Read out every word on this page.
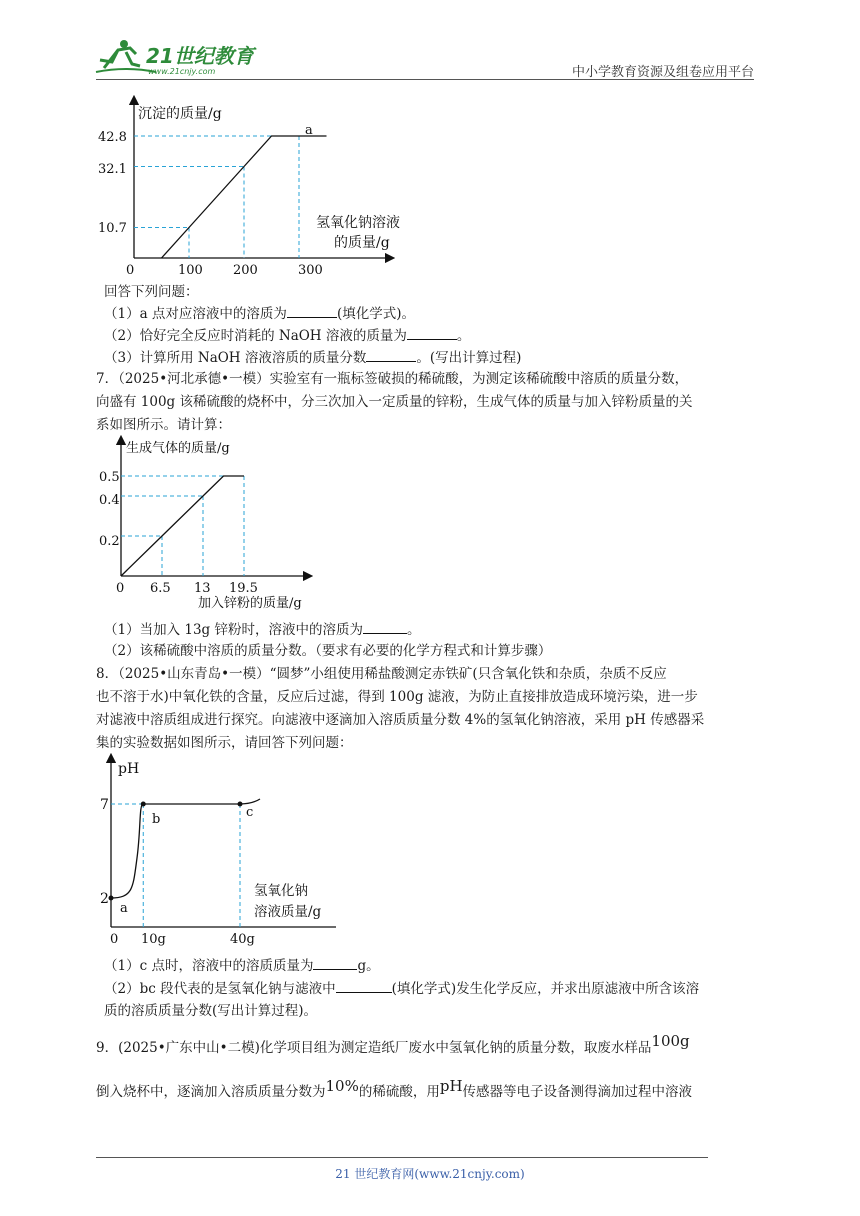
21世纪教育
www.21cnjy.com	中小学教育资源及组卷应用平台
沉淀的质量/g
氢氧化钠溶液
的质量/g
42.8
32.1
10.7
0	100 200	300
a
回答下列问题：
（1）a 点对应溶液中的溶质为	(填化学式)。
（2）恰好完全反应时消耗的 NaOH 溶液的质量为	。
（3）计算所用 NaOH 溶液溶质的质量分数	。(写出计算过程)
7．（2025•河北承德•一模）实验室有一瓶标签破损的稀硫酸，为测定该稀硫酸中溶质的质量分数，
向盛有 100g 该稀硫酸的烧杯中，分三次加入一定质量的锌粉，生成气体的质量与加入锌粉质量的关
系如图所示。请计算：
生成气体的质量/g
加入锌粉的质量/g
0.5
0.4
0.2
0 6.5 13 19.5
（1）当加入 13g 锌粉时，溶液中的溶质为	。
（2）该稀硫酸中溶质的质量分数。（要求有必要的化学方程式和计算步骤）
8．（2025•山东青岛•一模）“圆梦”小组使用稀盐酸测定赤铁矿(只含氧化铁和杂质，杂质不反应
也不溶于水)中氧化铁的含量，反应后过滤，得到 100g 滤液，为防止直接排放造成环境污染，进一步
对滤液中溶质组成进行探究。向滤液中逐滴加入溶质质量分数 4%的氢氧化钠溶液，采用 pH 传感器采
集的实验数据如图所示，请回答下列问题：
pH
7
2
0 10g	40g
氢氧化钠
溶液质量/g
a
b	c
（1）c 点时，溶液中的溶质质量为	g。
（2）bc 段代表的是氢氧化钠与滤液中	(填化学式)发生化学反应，并求出原滤液中所含该溶
质的溶质质量分数(写出计算过程)。
9．(2025•广东中山•二模)化学项目组为测定造纸厂废水中氢氧化钠的质量分数，取废水样品100g
倒入烧杯中，逐滴加入溶质质量分数为10%的稀硫酸，用pH传感器等电子设备测得滴加过程中溶液
21 世纪教育网(www.21cnjy.com)
